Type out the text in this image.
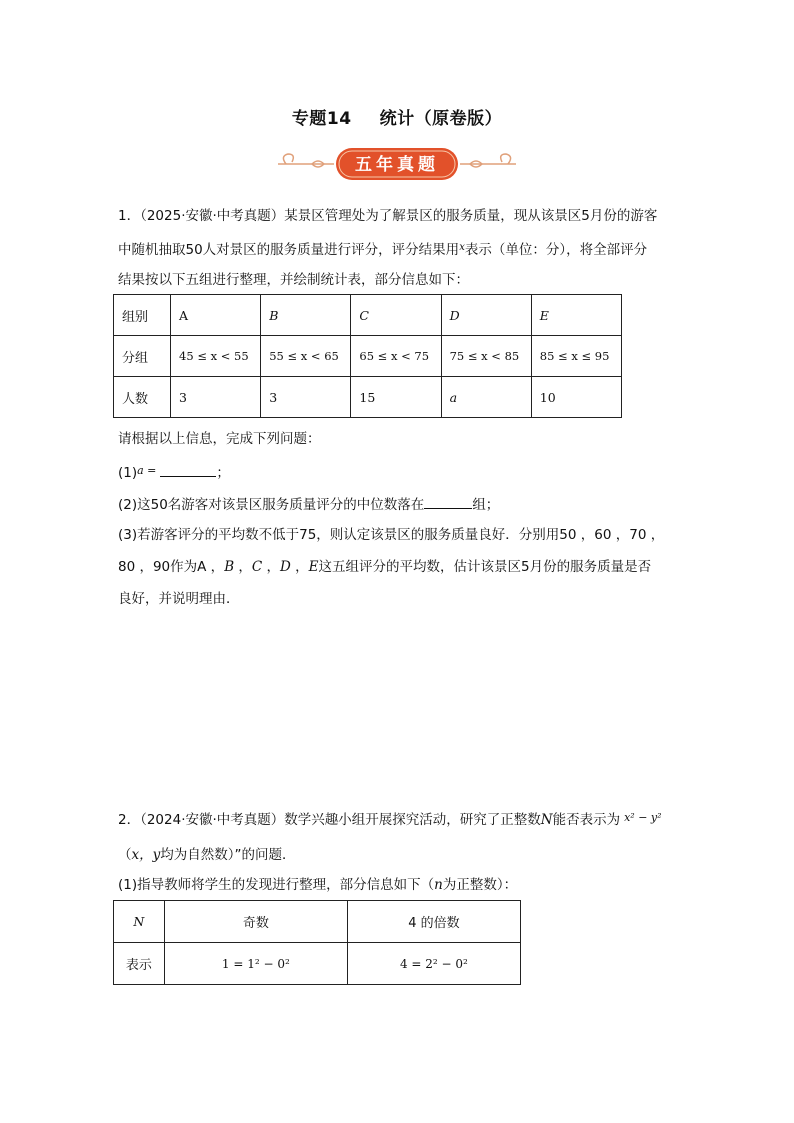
专题14 统计（原卷版）
五年真题
1．（2025·安徽·中考真题）某景区管理处为了解景区的服务质量，现从该景区5月份的游客
中随机抽取50人对景区的服务质量进行评分，评分结果用$^x$表示（单位：分），将全部评分
结果按以下五组进行整理，并绘制统计表，部分信息如下：
组别	A	B	C	D	E
分组	45 ≤ x < 55	55 ≤ x < 65	65 ≤ x < 75	75 ≤ x < 85	85 ≤ x ≤ 95
人数	3	3	15	a	10
请根据以上信息，完成下列问题：
$(1)^a$ =	；
(2)这50名游客对该景区服务质量评分的中位数落在	组；
(3)若游客评分的平均数不低于75，则认定该景区的服务质量良好．分别用50 ，60 ，70 ，
80 ，90作为A ，B ，C ，D ，E这五组评分的平均数，估计该景区5月份的服务质量是否
良好，并说明理由．
2．（2024·安徽·中考真题）数学兴趣小组开展探究活动，研究了正整数N能否表示为 $^{x^2 - y^2}$
（x，y均为自然数）”的问题．
(1)指导教师将学生的发现进行整理，部分信息如下（n为正整数）：
N	奇数	4 的倍数
表示	1 = 1² − 0²	4 = 2² − 0²
